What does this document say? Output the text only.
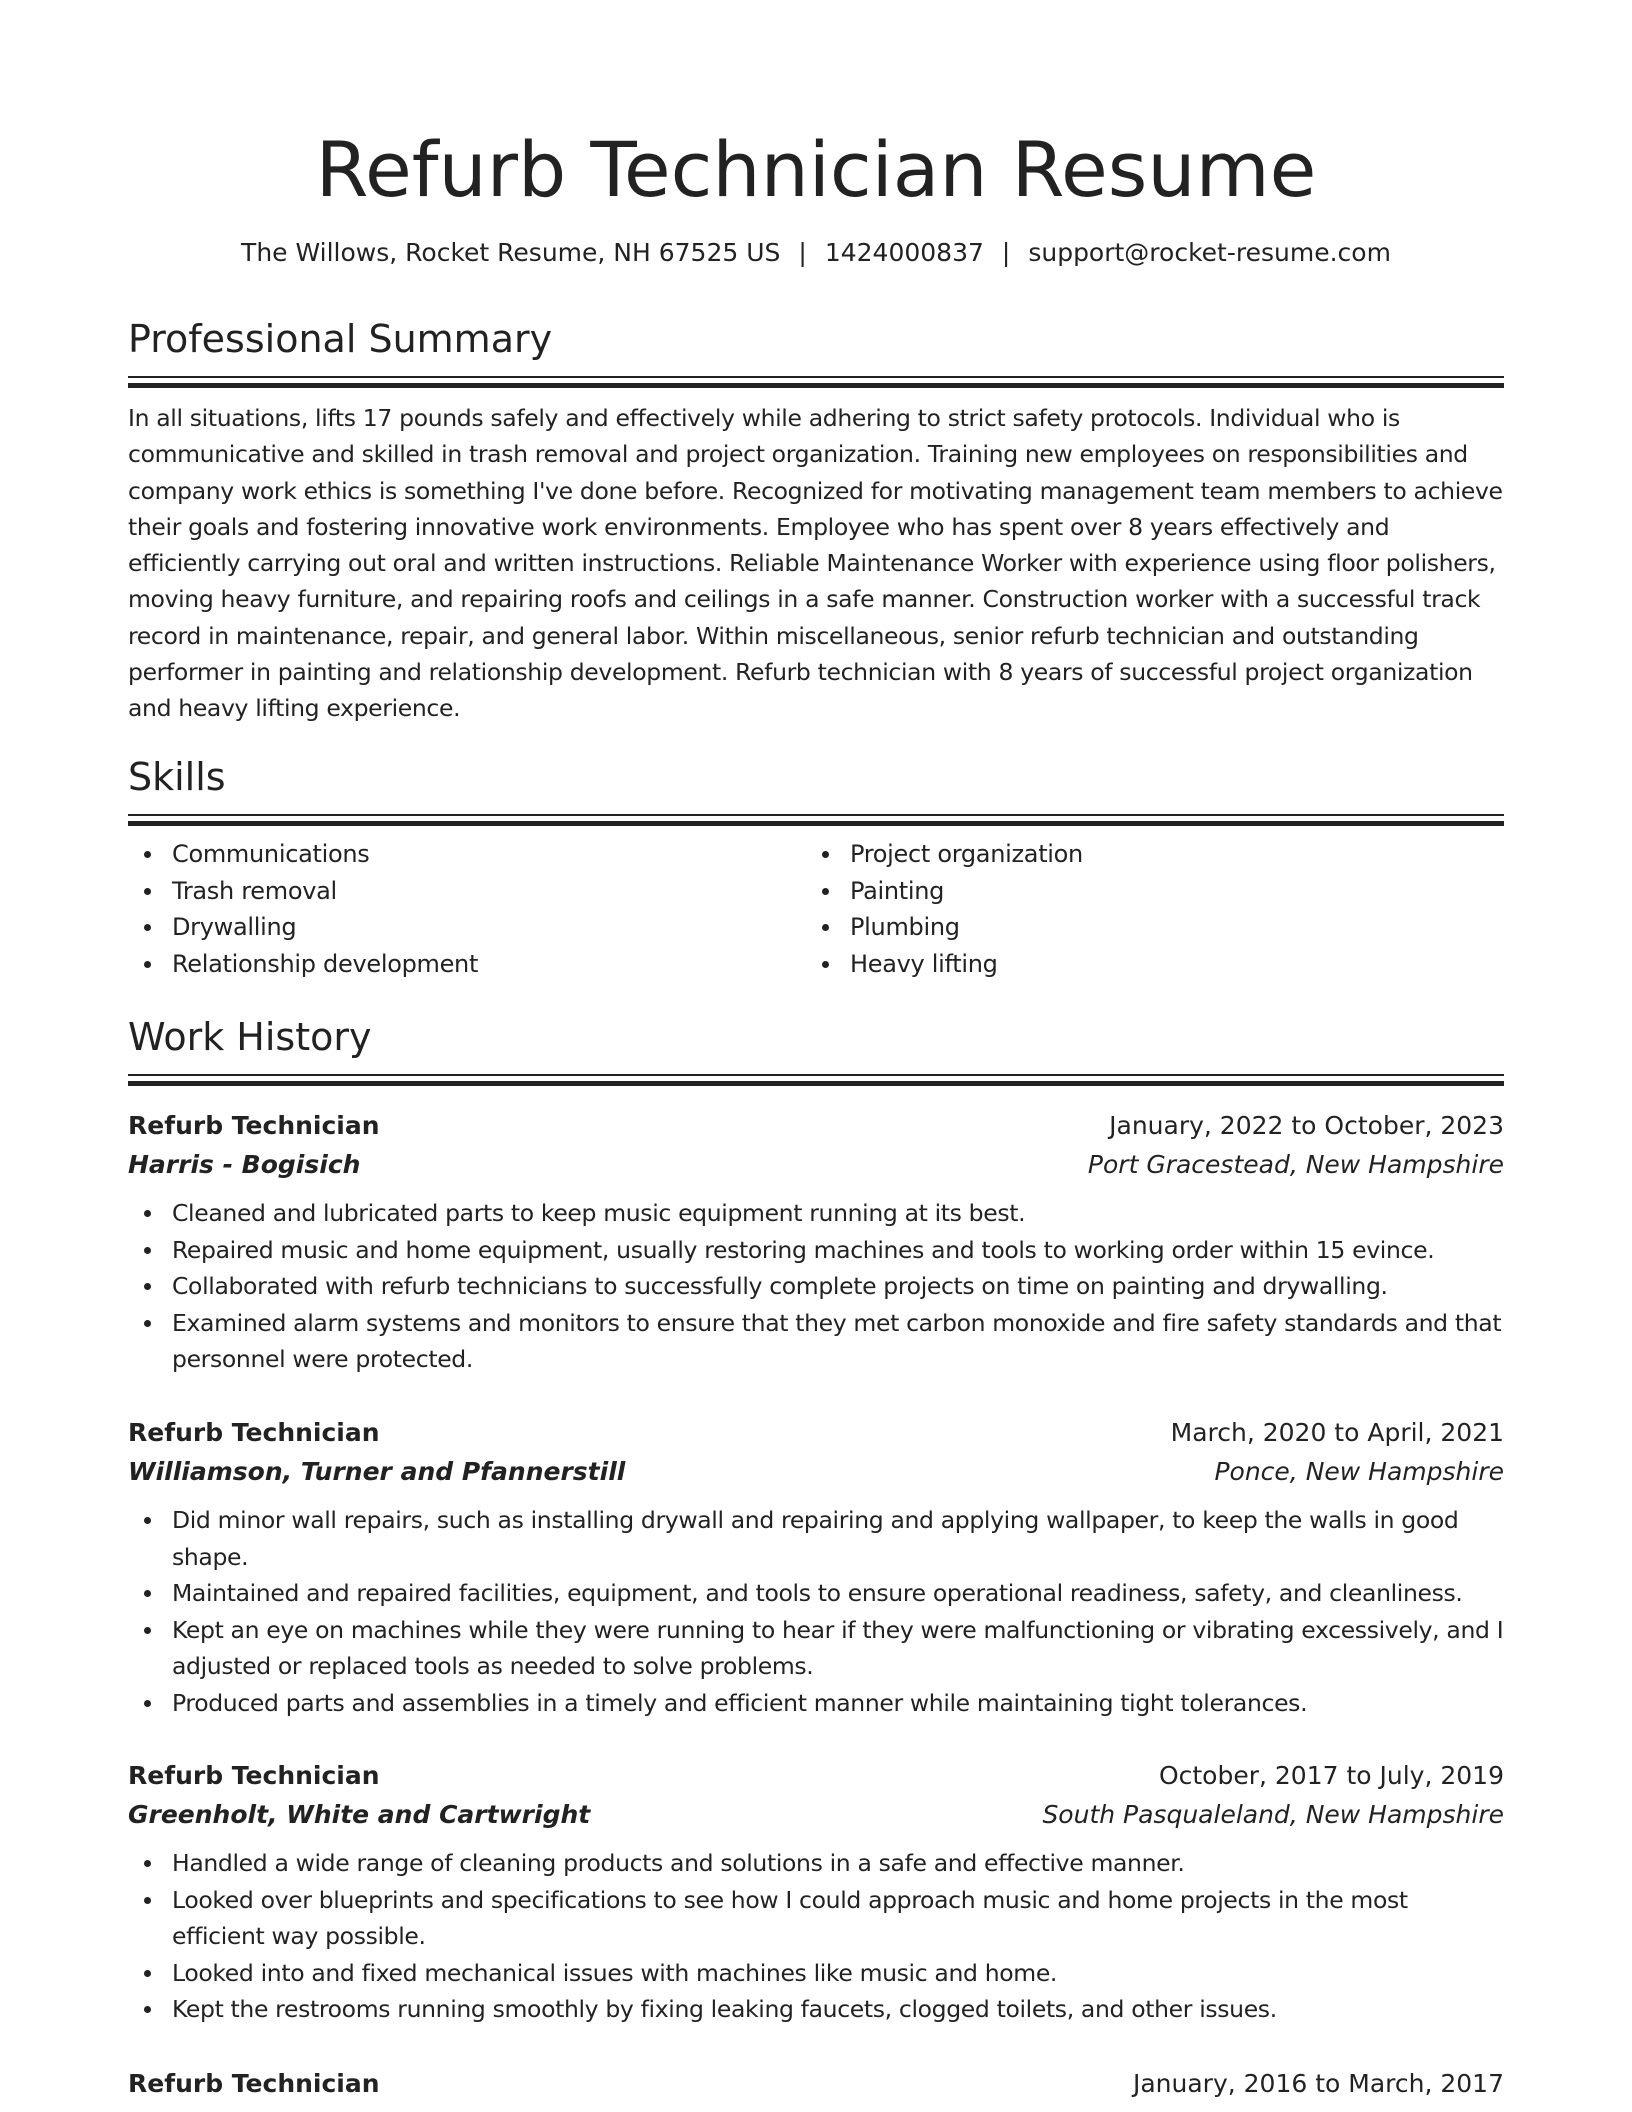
Refurb Technician Resume
The Willows, Rocket Resume, NH 67525 US | 1424000837 | support@rocket-resume.com
Professional Summary
In all situations, lifts 17 pounds safely and effectively while adhering to strict safety protocols. Individual who is communicative and skilled in trash removal and project organization. Training new employees on responsibilities and company work ethics is something I've done before. Recognized for motivating management team members to achieve their goals and fostering innovative work environments. Employee who has spent over 8 years effectively and efficiently carrying out oral and written instructions. Reliable Maintenance Worker with experience using floor polishers, moving heavy furniture, and repairing roofs and ceilings in a safe manner. Construction worker with a successful track record in maintenance, repair, and general labor. Within miscellaneous, senior refurb technician and outstanding performer in painting and relationship development. Refurb technician with 8 years of successful project organization and heavy lifting experience.
Skills
Communications
Trash removal
Drywalling
Relationship development
Project organization
Painting
Plumbing
Heavy lifting
Work History
Refurb Technician	January, 2022 to October, 2023
Harris - Bogisich	Port Gracestead, New Hampshire
Cleaned and lubricated parts to keep music equipment running at its best.
Repaired music and home equipment, usually restoring machines and tools to working order within 15 evince.
Collaborated with refurb technicians to successfully complete projects on time on painting and drywalling.
Examined alarm systems and monitors to ensure that they met carbon monoxide and fire safety standards and that personnel were protected.
Refurb Technician	March, 2020 to April, 2021
Williamson, Turner and Pfannerstill	Ponce, New Hampshire
Did minor wall repairs, such as installing drywall and repairing and applying wallpaper, to keep the walls in good shape.
Maintained and repaired facilities, equipment, and tools to ensure operational readiness, safety, and cleanliness.
Kept an eye on machines while they were running to hear if they were malfunctioning or vibrating excessively, and I adjusted or replaced tools as needed to solve problems.
Produced parts and assemblies in a timely and efficient manner while maintaining tight tolerances.
Refurb Technician	October, 2017 to July, 2019
Greenholt, White and Cartwright	South Pasqualeland, New Hampshire
Handled a wide range of cleaning products and solutions in a safe and effective manner.
Looked over blueprints and specifications to see how I could approach music and home projects in the most efficient way possible.
Looked into and fixed mechanical issues with machines like music and home.
Kept the restrooms running smoothly by fixing leaking faucets, clogged toilets, and other issues.
Refurb Technician	January, 2016 to March, 2017
